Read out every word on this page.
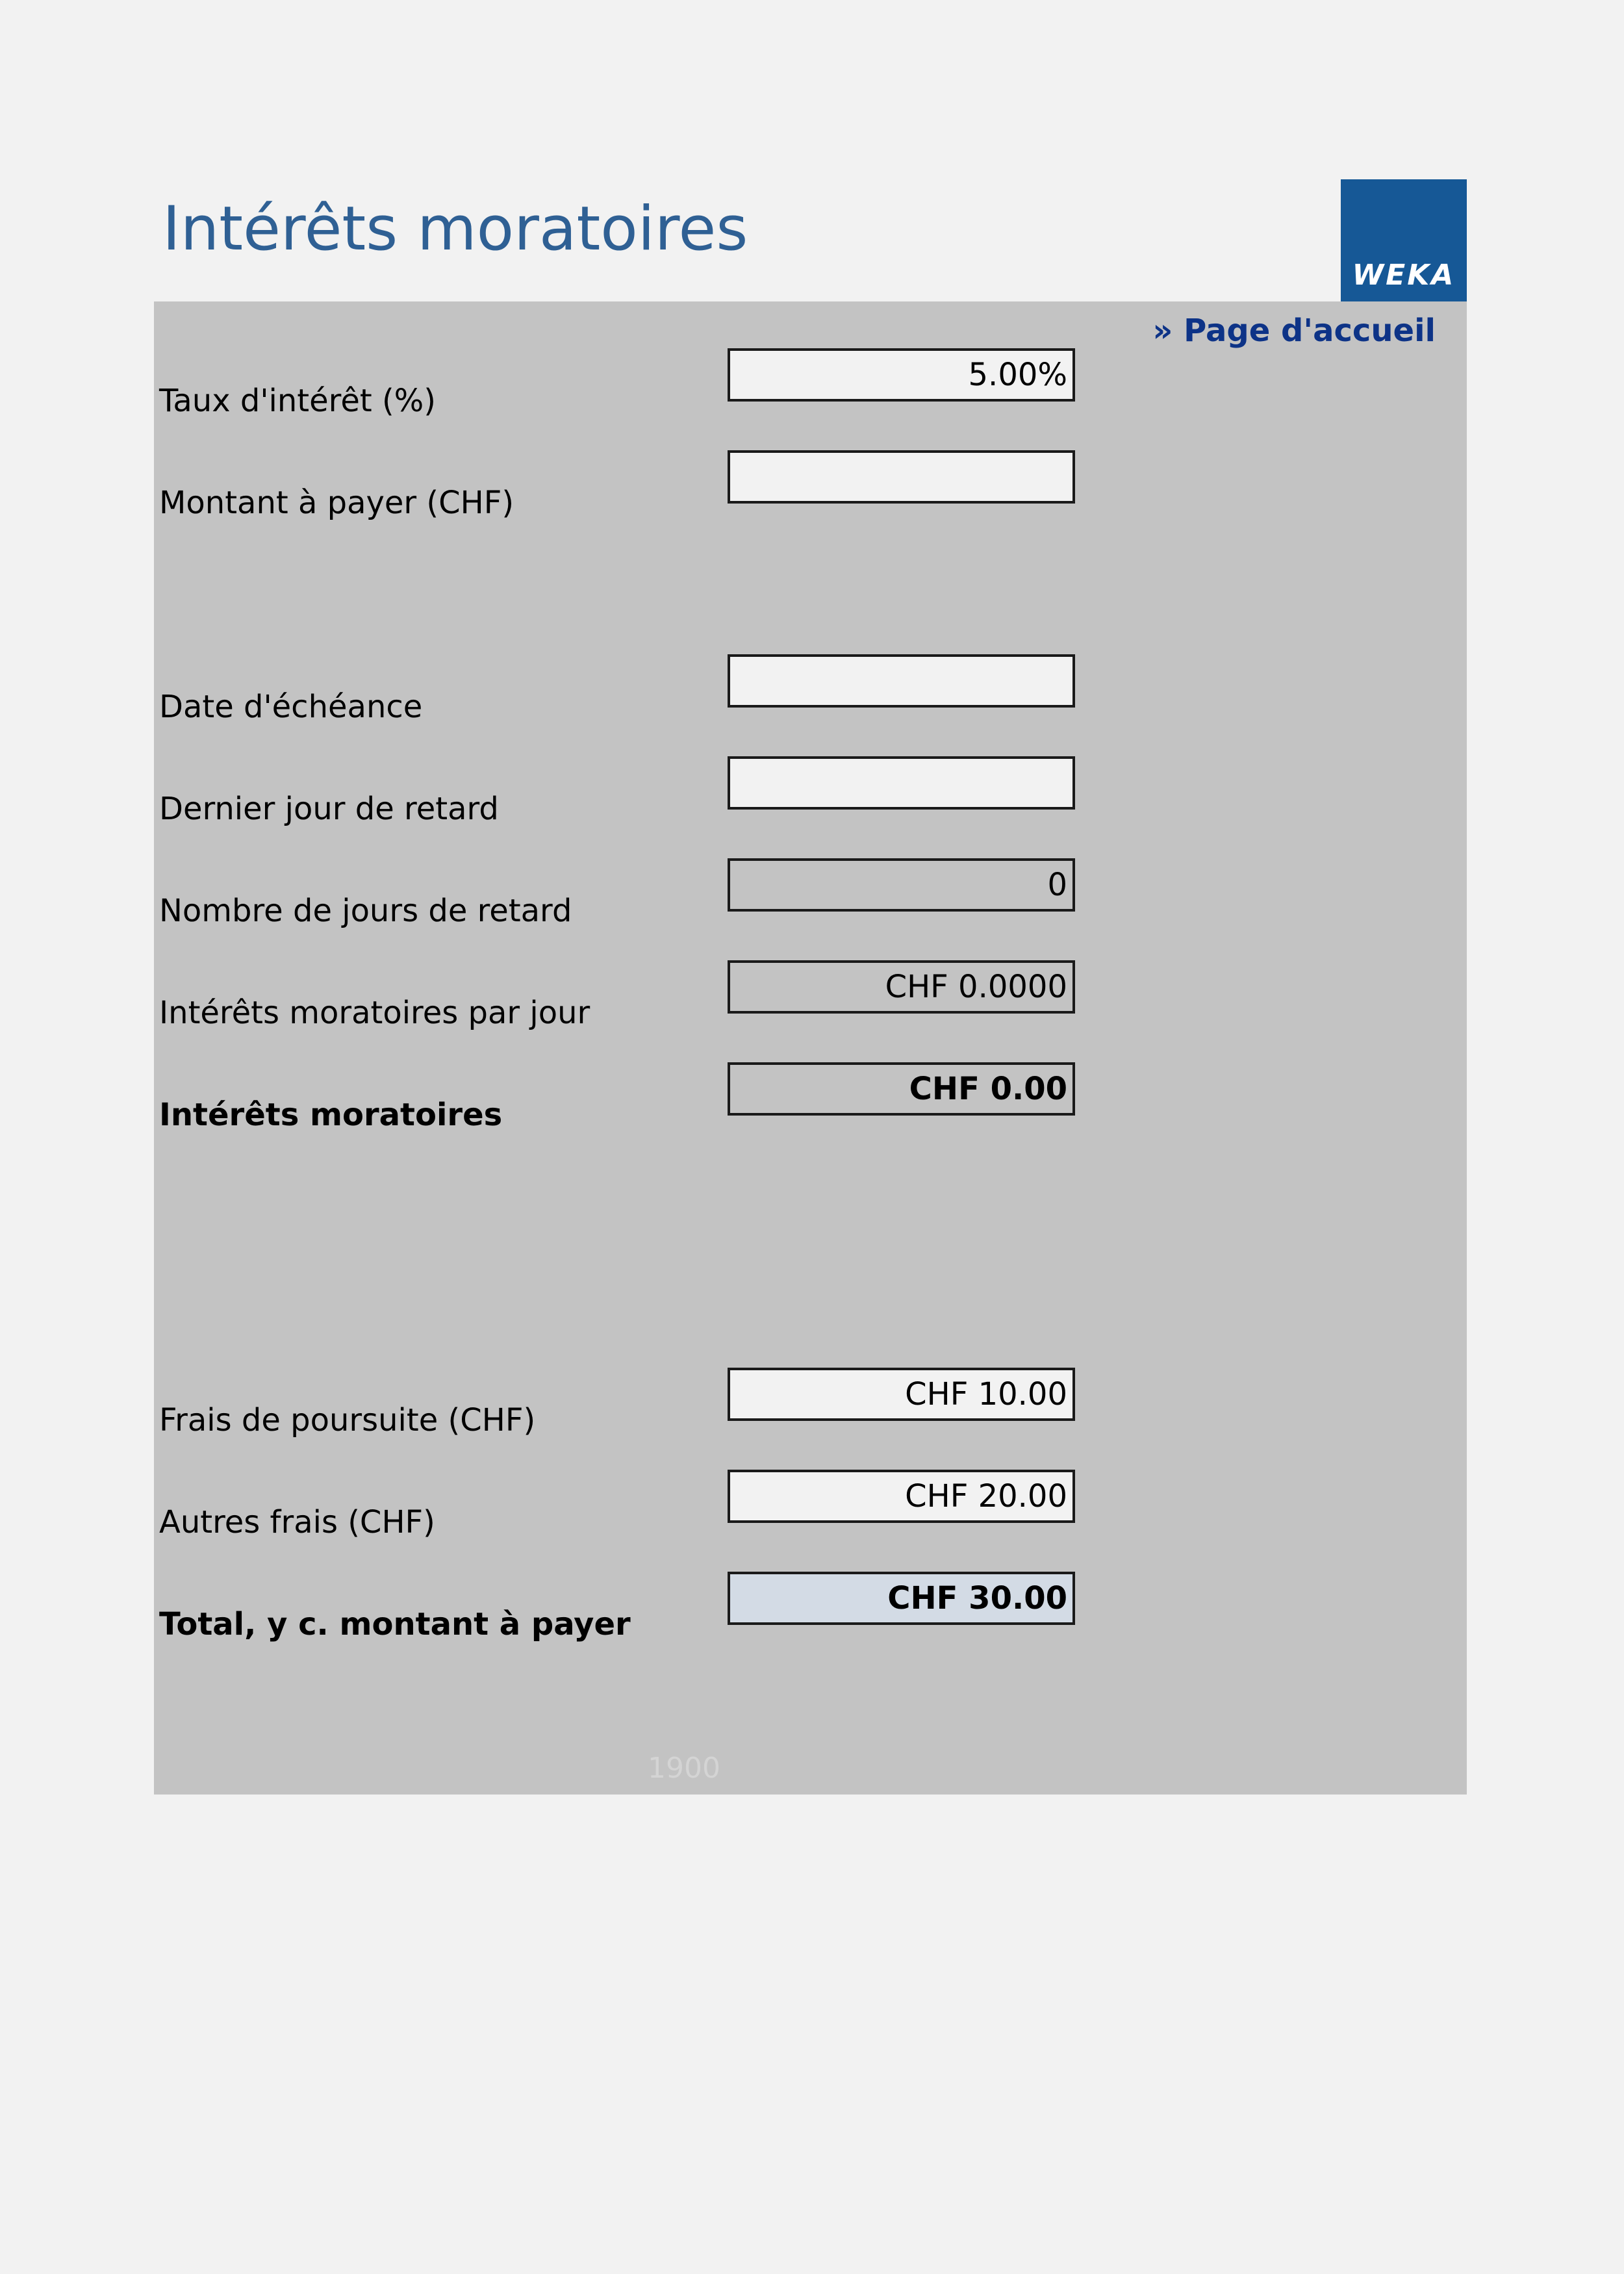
Intérêts moratoires
WEKA
» Page d'accueil
Taux d'intérêt (%)
5.00%
Montant à payer (CHF)
Date d'échéance
Dernier jour de retard
Nombre de jours de retard
0
Intérêts moratoires par jour
CHF 0.0000
Intérêts moratoires
CHF 0.00
Frais de poursuite (CHF)
CHF 10.00
Autres frais (CHF)
CHF 20.00
Total, y c. montant à payer
CHF 30.00
1900
